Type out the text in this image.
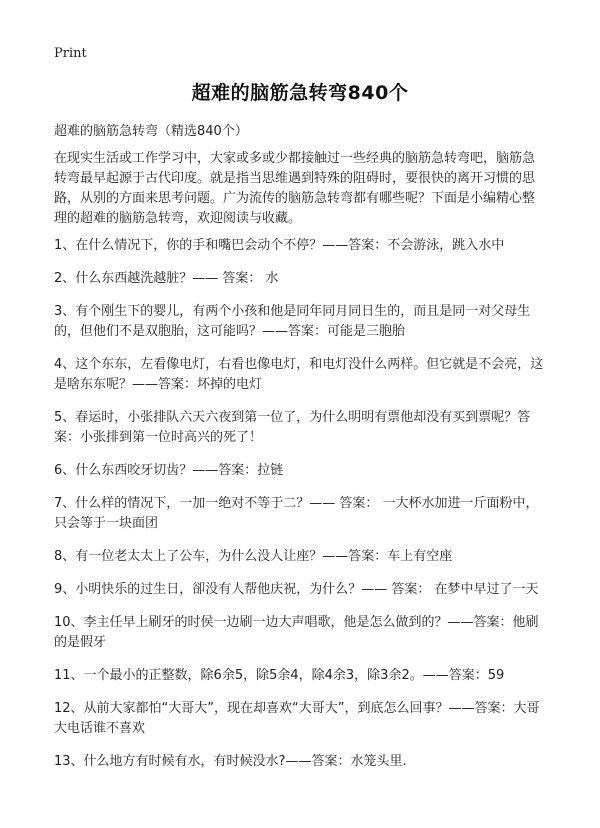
Print
超难的脑筋急转弯840个
超难的脑筋急转弯（精选840个）

在现实生活或工作学习中，大家或多或少都接触过一些经典的脑筋急转弯吧，脑筋急转弯最早起源于古代印度。就是指当思维遇到特殊的阻碍时，要很快的离开习惯的思路，从别的方面来思考问题。广为流传的脑筋急转弯都有哪些呢？下面是小编精心整理的超难的脑筋急转弯，欢迎阅读与收藏。

1、在什么情况下，你的手和嘴巴会动个不停？——答案：不会游泳，跳入水中
2、什么东西越洗越脏？—— 答案： 水
3、有个刚生下的婴儿，有两个小孩和他是同年同月同日生的，而且是同一对父母生的，但他们不是双胞胎，这可能吗？——答案：可能是三胞胎
4、这个东东，左看像电灯，右看也像电灯，和电灯没什么两样。但它就是不会亮，这是啥东东呢？——答案：坏掉的电灯
5、春运时，小张排队六天六夜到第一位了，为什么明明有票他却没有买到票呢？答案：小张排到第一位时高兴的死了！
6、什么东西咬牙切齿？——答案：拉链
7、什么样的情况下，一加一绝对不等于二？—— 答案： 一大杯水加进一斤面粉中，只会等于一块面团
8、有一位老太太上了公车，为什么没人让座？——答案：车上有空座
9、小明快乐的过生日，卻没有人帮他庆祝，为什么？—— 答案： 在梦中早过了一天
10、李主任早上刷牙的时侯一边刷一边大声唱歌，他是怎么做到的？——答案：他刷的是假牙
11、一个最小的正整数，除6余5，除5余4，除4余3，除3余2。——答案：59
12、从前大家都怕“大哥大”，现在却喜欢“大哥大”，到底怎么回事？——答案：大哥大电话谁不喜欢
13、什么地方有时候有水，有时候没水?——答案：水笼头里.
